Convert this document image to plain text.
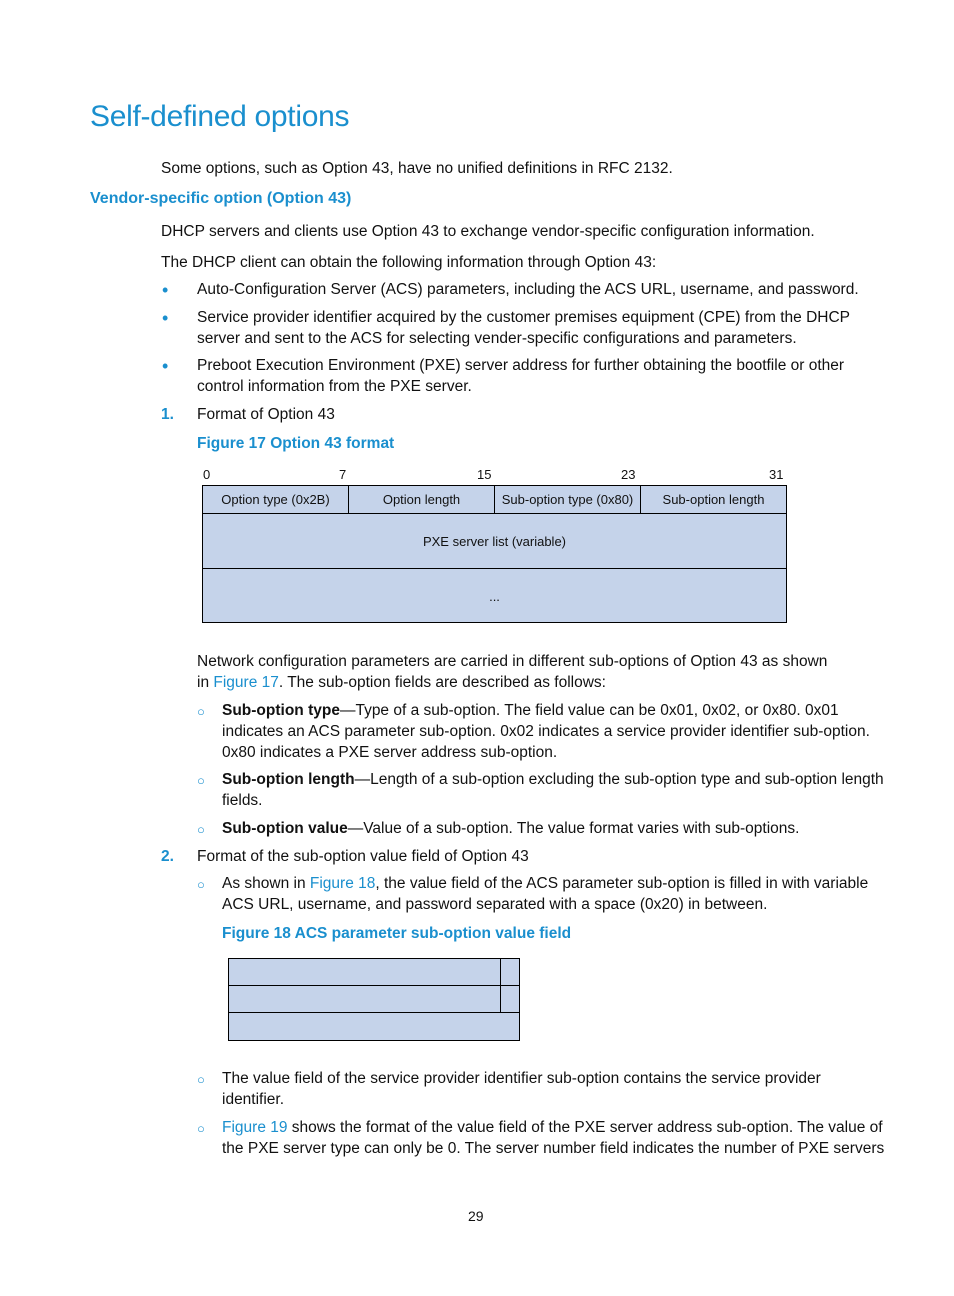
Self-defined options
Some options, such as Option 43, have no unified definitions in RFC 2132.
Vendor-specific option (Option 43)
DHCP servers and clients use Option 43 to exchange vendor-specific configuration information.
The DHCP client can obtain the following information through Option 43:
• Auto-Configuration Server (ACS) parameters, including the ACS URL, username, and password.
• Service provider identifier acquired by the customer premises equipment (CPE) from the DHCP
server and sent to the ACS for selecting vender-specific configurations and parameters.
• Preboot Execution Environment (PXE) server address for further obtaining the bootfile or other
control information from the PXE server.
1. Format of Option 43
Figure 17 Option 43 format
0	7	15	23	31
Option type (0x2B)	Option length	Sub-option type (0x80)	Sub-option length
PXE server list (variable)
...
Network configuration parameters are carried in different sub-options of Option 43 as shown
in Figure 17. The sub-option fields are described as follows:
○ Sub-option type—Type of a sub-option. The field value can be 0x01, 0x02, or 0x80. 0x01
indicates an ACS parameter sub-option. 0x02 indicates a service provider identifier sub-option.
0x80 indicates a PXE server address sub-option.
○ Sub-option length—Length of a sub-option excluding the sub-option type and sub-option length
fields.
○ Sub-option value—Value of a sub-option. The value format varies with sub-options.
2. Format of the sub-option value field of Option 43
○ As shown in Figure 18, the value field of the ACS parameter sub-option is filled in with variable
ACS URL, username, and password separated with a space (0x20) in between.
Figure 18 ACS parameter sub-option value field
○ The value field of the service provider identifier sub-option contains the service provider
identifier.
○ Figure 19 shows the format of the value field of the PXE server address sub-option. The value of
the PXE server type can only be 0. The server number field indicates the number of PXE servers
29
